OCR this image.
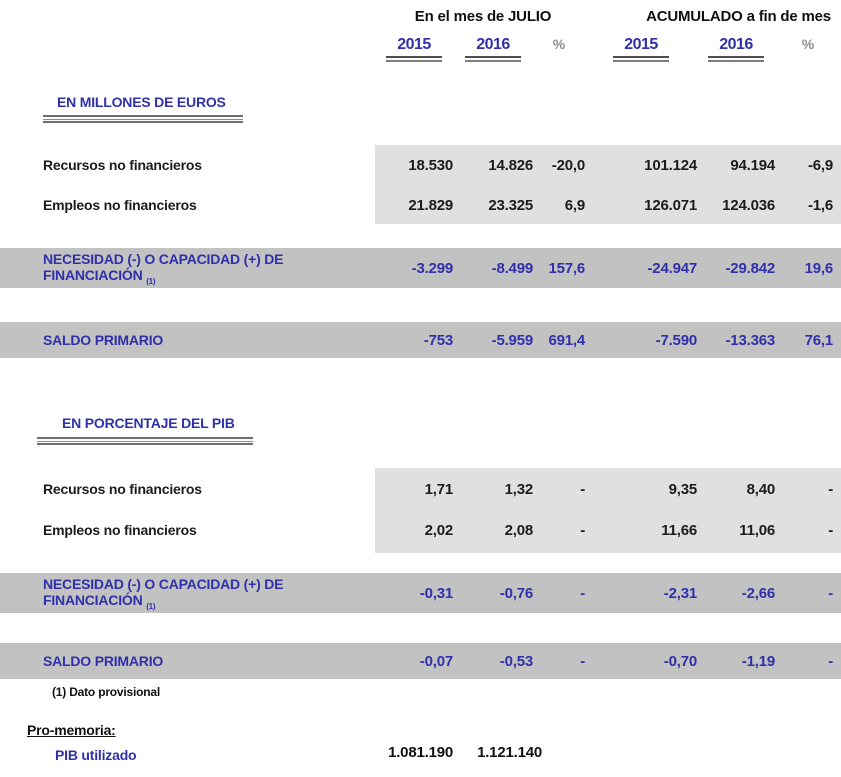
En el mes de JULIO	ACUMULADO a fin de mes
2015	2016	%	2015	2016	%
EN MILLONES DE EUROS
Recursos no financieros	18.530	14.826	-20,0	101.124	94.194	-6,9
Empleos no financieros	21.829	23.325	6,9	126.071	124.036	-1,6
NECESIDAD (-) O CAPACIDAD (+) DE
FINANCIACIÓN $_{(1)}$
-3.299	-8.499	157,6	-24.947	-29.842	19,6
SALDO PRIMARIO	-753	-5.959	691,4	-7.590	-13.363	76,1
EN PORCENTAJE DEL PIB
Recursos no financieros	1,71	1,32	-	9,35	8,40	-
Empleos no financieros	2,02	2,08	-	11,66	11,06	-
NECESIDAD (-) O CAPACIDAD (+) DE
FINANCIACIÓN $_{(1)}$
-0,31	-0,76	-	-2,31	-2,66	-
SALDO PRIMARIO	-0,07	-0,53	-	-0,70	-1,19	-
(1) Dato provisional
Pro-memoria:
PIB utilizado	1.081.190 1.121.140
